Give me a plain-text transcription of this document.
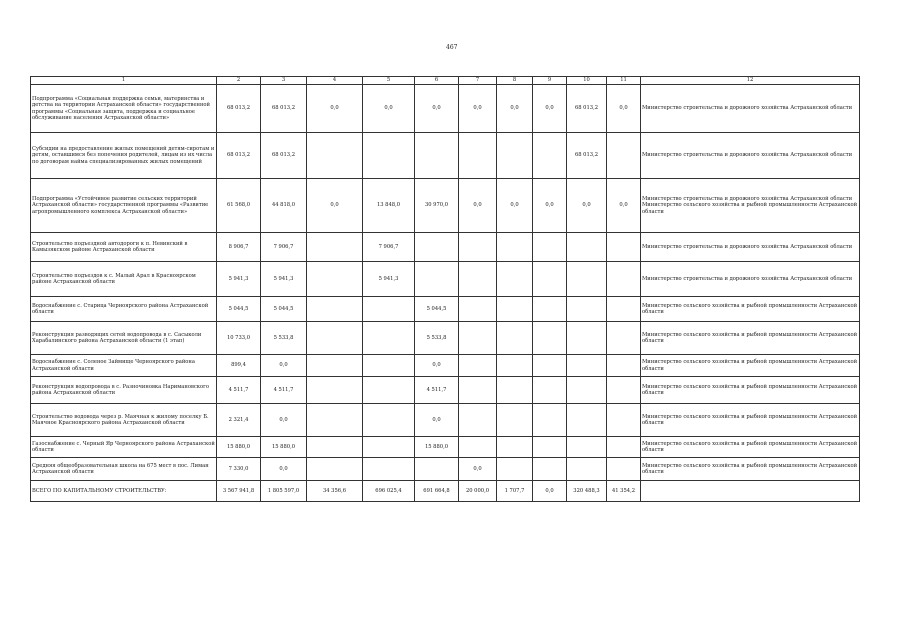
467
1	2	3	4	5	6	7	8	9	10	11	12
Подпрограмма «Социальная поддержка семьи, материнства и детства на территории Астраханской области» государственной программы «Социальная защита, поддержка и социальное обслуживание населения Астраханской области»	68 013,2	68 013,2	0,0	0,0	0,0	0,0	0,0	0,0	68 013,2	0,0	Министерство строительства и дорожного хозяйства Астраханской области
Субсидии на предоставление жилых помещений детям-сиротам и детям, оставшимся без попечения родителей, лицам из их числа по договорам найма специализированных жилых помещений	68 013,2	68 013,2							68 013,2		Министерство строительства и дорожного хозяйства Астраханской области
Подпрограмма «Устойчивое развитие сельских территорий Астраханской области» государственной программы «Развитие агропромышленного комплекса Астраханской области»	61 568,0	44 818,0	0,0	13 848,0	30 970,0	0,0	0,0	0,0	0,0	0,0	Министерство строительства и дорожного хозяйства Астраханской области Министерство сельского хозяйства и рыбной промышленности Астраханской области
Строительство подъездной автодороги к п. Невинский в Камызякском районе Астраханской области	8 906,7	7 906,7		7 906,7							Министерство строительства и дорожного хозяйства Астраханской области
Строительство подъездов к с. Малый Арал в Красноярском районе Астраханской области	5 941,3	5 941,3		5 941,3							Министерство строительства и дорожного хозяйства Астраханской области
Водоснабжение с. Старица Черноярского района Астраханской области	5 044,5	5 044,5			5 044,5						Министерство сельского хозяйства и рыбной промышленности Астраханской области
Реконструкция разводящих сетей водопровода в с. Сасыколи Харабалинского района Астраханской области (1 этап)	10 733,0	5 533,8			5 533,8						Министерство сельского хозяйства и рыбной промышленности Астраханской области
Водоснабжение с. Соленое Займище Черноярского района Астраханской области	899,4	0,0			0,0						Министерство сельского хозяйства и рыбной промышленности Астраханской области
Реконструкция водопровода в с. Разночиновка Наримановского района Астраханской области	4 511,7	4 511,7			4 511,7						Министерство сельского хозяйства и рыбной промышленности Астраханской области
Строительство водовода через р. Маячная к жилому поселку Б. Маячное Красноярского района Астраханской области	2 321,4	0,0			0,0						Министерство сельского хозяйства и рыбной промышленности Астраханской области
Газоснабжение с. Черный Яр Черноярского района Астраханской области	15 880,0	15 880,0			15 880,0						Министерство сельского хозяйства и рыбной промышленности Астраханской области
Средняя общеобразовательная школа на 675 мест в пос. Лиман Астраханской области	7 330,0	0,0				0,0					Министерство сельского хозяйства и рыбной промышленности Астраханской области
ВСЕГО ПО КАПИТАЛЬНОМУ СТРОИТЕЛЬСТВУ:	3 567 941,8	1 805 597,0	34 356,6	696 025,4	691 664,8	20 000,0	1 707,7	0,0	320 488,3	41 354,2	
